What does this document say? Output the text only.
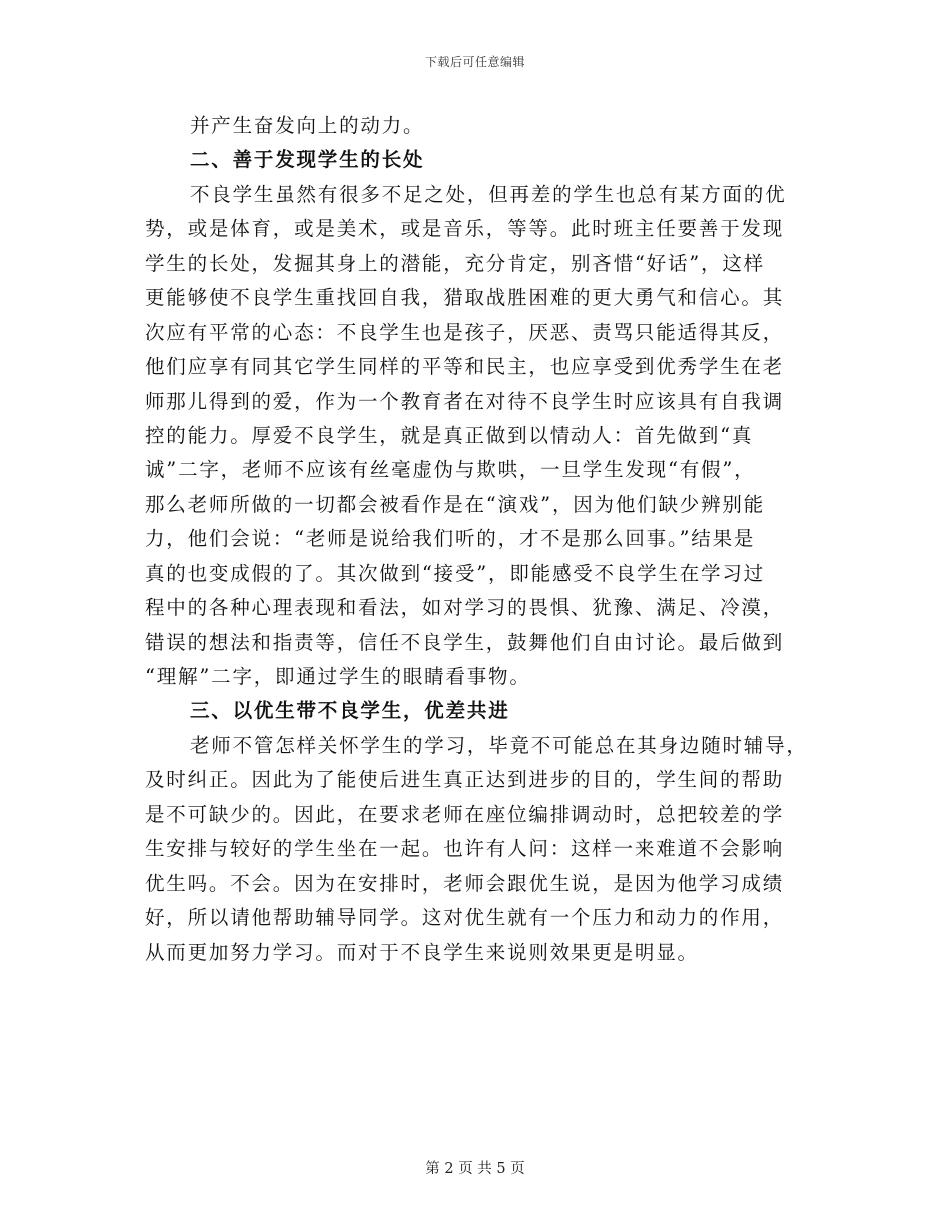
下载后可任意编辑
并产生奋发向上的动力。
二、善于发现学生的长处
不良学生虽然有很多不足之处，但再差的学生也总有某方面的优
势，或是体育，或是美术，或是音乐，等等。此时班主任要善于发现
学生的长处，发掘其身上的潜能，充分肯定，别吝惜“好话”，这样
更能够使不良学生重找回自我，猎取战胜困难的更大勇气和信心。其
次应有平常的心态：不良学生也是孩子，厌恶、责骂只能适得其反，
他们应享有同其它学生同样的平等和民主，也应享受到优秀学生在老
师那儿得到的爱，作为一个教育者在对待不良学生时应该具有自我调
控的能力。厚爱不良学生，就是真正做到以情动人：首先做到“真
诚”二字，老师不应该有丝毫虚伪与欺哄，一旦学生发现“有假”，
那么老师所做的一切都会被看作是在“演戏”，因为他们缺少辨别能
力，他们会说：“老师是说给我们听的，才不是那么回事。”结果是
真的也变成假的了。其次做到“接受”，即能感受不良学生在学习过
程中的各种心理表现和看法，如对学习的畏惧、犹豫、满足、冷漠，
错误的想法和指责等，信任不良学生，鼓舞他们自由讨论。最后做到
“理解”二字，即通过学生的眼睛看事物。
三、以优生带不良学生，优差共进
老师不管怎样关怀学生的学习，毕竟不可能总在其身边随时辅导，
及时纠正。因此为了能使后进生真正达到进步的目的，学生间的帮助
是不可缺少的。因此，在要求老师在座位编排调动时，总把较差的学
生安排与较好的学生坐在一起。也许有人问：这样一来难道不会影响
优生吗。不会。因为在安排时，老师会跟优生说，是因为他学习成绩
好，所以请他帮助辅导同学。这对优生就有一个压力和动力的作用，
从而更加努力学习。而对于不良学生来说则效果更是明显。
第 2 页 共 5 页
